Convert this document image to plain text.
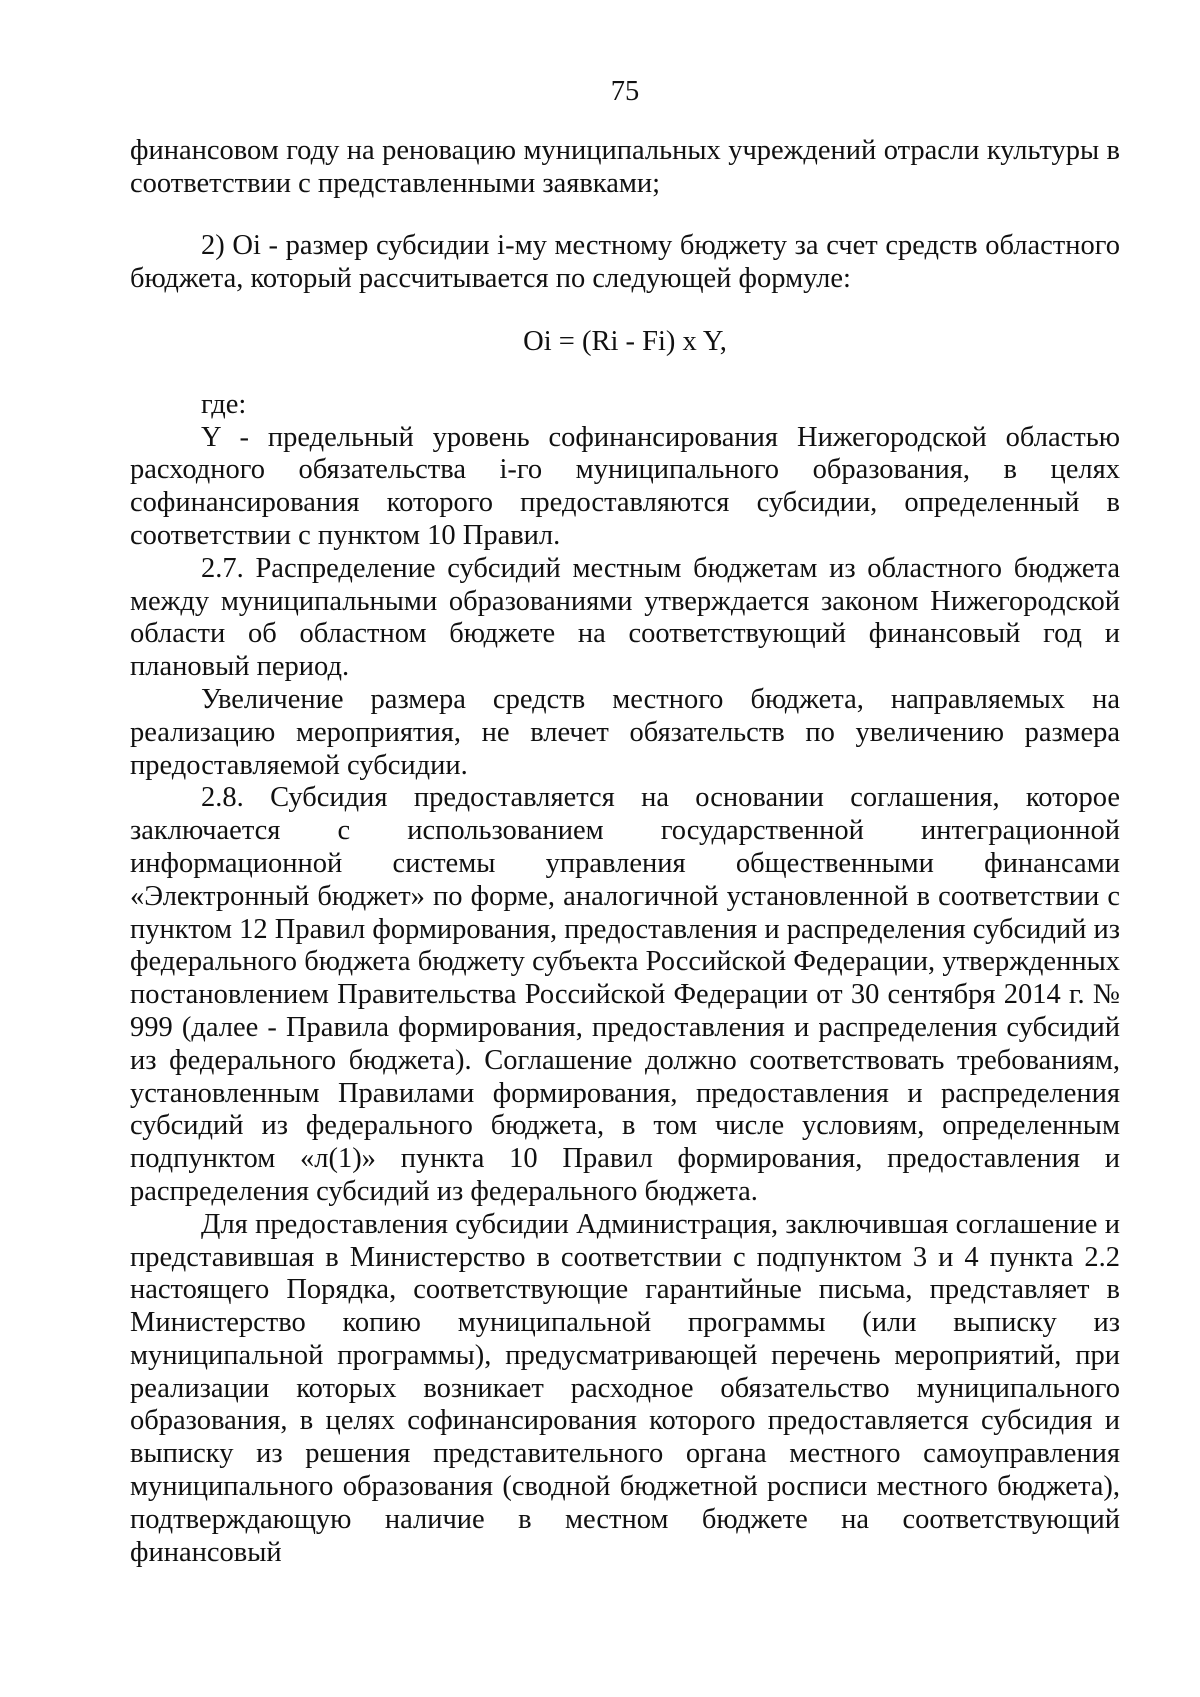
75

финансовом году на реновацию муниципальных учреждений отрасли культуры в соответствии с представленными заявками;

2) Oi - размер субсидии i-му местному бюджету за счет средств областного бюджета, который рассчитывается по следующей формуле:

Oi = (Ri - Fi) x Y,

где:

Y - предельный уровень софинансирования Нижегородской областью расходного обязательства i-го муниципального образования, в целях софинансирования которого предоставляются субсидии, определенный в соответствии с пунктом 10 Правил.

2.7. Распределение субсидий местным бюджетам из областного бюджета между муниципальными образованиями утверждается законом Нижегородской области об областном бюджете на соответствующий финансовый год и плановый период.

Увеличение размера средств местного бюджета, направляемых на реализацию мероприятия, не влечет обязательств по увеличению размера предоставляемой субсидии.

2.8. Субсидия предоставляется на основании соглашения, которое заключается с использованием государственной интеграционной информационной системы управления общественными финансами «Электронный бюджет» по форме, аналогичной установленной в соответствии с пунктом 12 Правил формирования, предоставления и распределения субсидий из федерального бюджета бюджету субъекта Российской Федерации, утвержденных постановлением Правительства Российской Федерации от 30 сентября 2014 г. № 999 (далее - Правила формирования, предоставления и распределения субсидий из федерального бюджета). Соглашение должно соответствовать требованиям, установленным Правилами формирования, предоставления и распределения субсидий из федерального бюджета, в том числе условиям, определенным подпунктом «л(1)» пункта 10 Правил формирования, предоставления и распределения субсидий из федерального бюджета.

Для предоставления субсидии Администрация, заключившая соглашение и представившая в Министерство в соответствии с подпунктом 3 и 4 пункта 2.2 настоящего Порядка, соответствующие гарантийные письма, представляет в Министерство копию муниципальной программы (или выписку из муниципальной программы), предусматривающей перечень мероприятий, при реализации которых возникает расходное обязательство муниципального образования, в целях софинансирования которого предоставляется субсидия и выписку из решения представительного органа местного самоуправления муниципального образования (сводной бюджетной росписи местного бюджета), подтверждающую наличие в местном бюджете на соответствующий финансовый
